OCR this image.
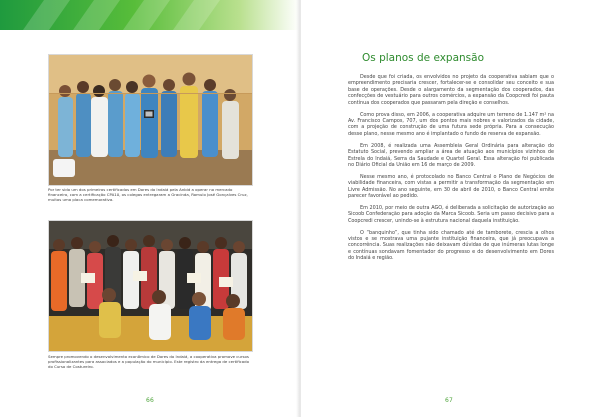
Por ter sido um dos primeiros certificados em Dores do Indaiá pela Anbid a operar no mercado financeiro, com a certificação CPA10, os colegas entregaram a Gracinda, Romulo José Gonçalves Cruz, muitos uma placa comemorativa.

Sempre promovendo o desenvolvimento econômico de Dores do Indaiá, a cooperativa promove cursos profissionalizantes para associados e a população do município. Este registro da entrega de certificado do Curso de Costureiro.

66
Os planos de expansão

Desde que foi criada, os envolvidos no projeto da cooperativa sabiam que o empreendimento precisaria crescer, fortalecer-se e consolidar seu conceito e sua base de operações. Desde o alargamento da segmentação dos cooperados, das confecções de vestuário para outros comércios, a expansão da Coopcredi foi pauta contínua dos cooperados que passaram pela direção e conselhos.

Como prova disso, em 2006, a cooperativa adquire um terreno de 1.147 m² na Av. Francisco Campos, 707, um dos pontos mais nobres e valorizados da cidade, com a projeção de construção de uma futura sede própria. Para a consecução desse plano, nesse mesmo ano é implantado o fundo de reserva de expansão.

Em 2008, é realizada uma Assembleia Geral Ordinária para alteração do Estatuto Social, prevendo ampliar a área de atuação aos municípios vizinhos de Estrela do Indaiá, Serra da Saudade e Quartel Geral. Essa alteração foi publicada no Diário Oficial da União em 16 de março de 2009.

Nesse mesmo ano, é protocolado no Banco Central o Plano de Negócios de viabilidade financeira, com vistas a permitir a transformação da segmentação em Livre Admissão. No ano seguinte, em 30 de abril de 2010, o Banco Central emite parecer favorável ao pedido.

Em 2010, por meio de outra AGO, é deliberada a solicitação de autorização ao Sicoob Confederação para adoção da Marca Sicoob. Seria um passo decisivo para a Coopcredi crescer, unindo-se à estrutura nacional daquela instituição.

O “banquinho”, que tinha sido chamado até de tamborete, crescia a olhos vistos e se mostrava uma pujante instituição financeira, que já preocupava a concorrência. Suas realizações não deixavam dúvidas de que inúmeras lutas longe e contínuas sondavam fomentador do progresso e do desenvolvimento em Dores do Indaiá e região.

67
